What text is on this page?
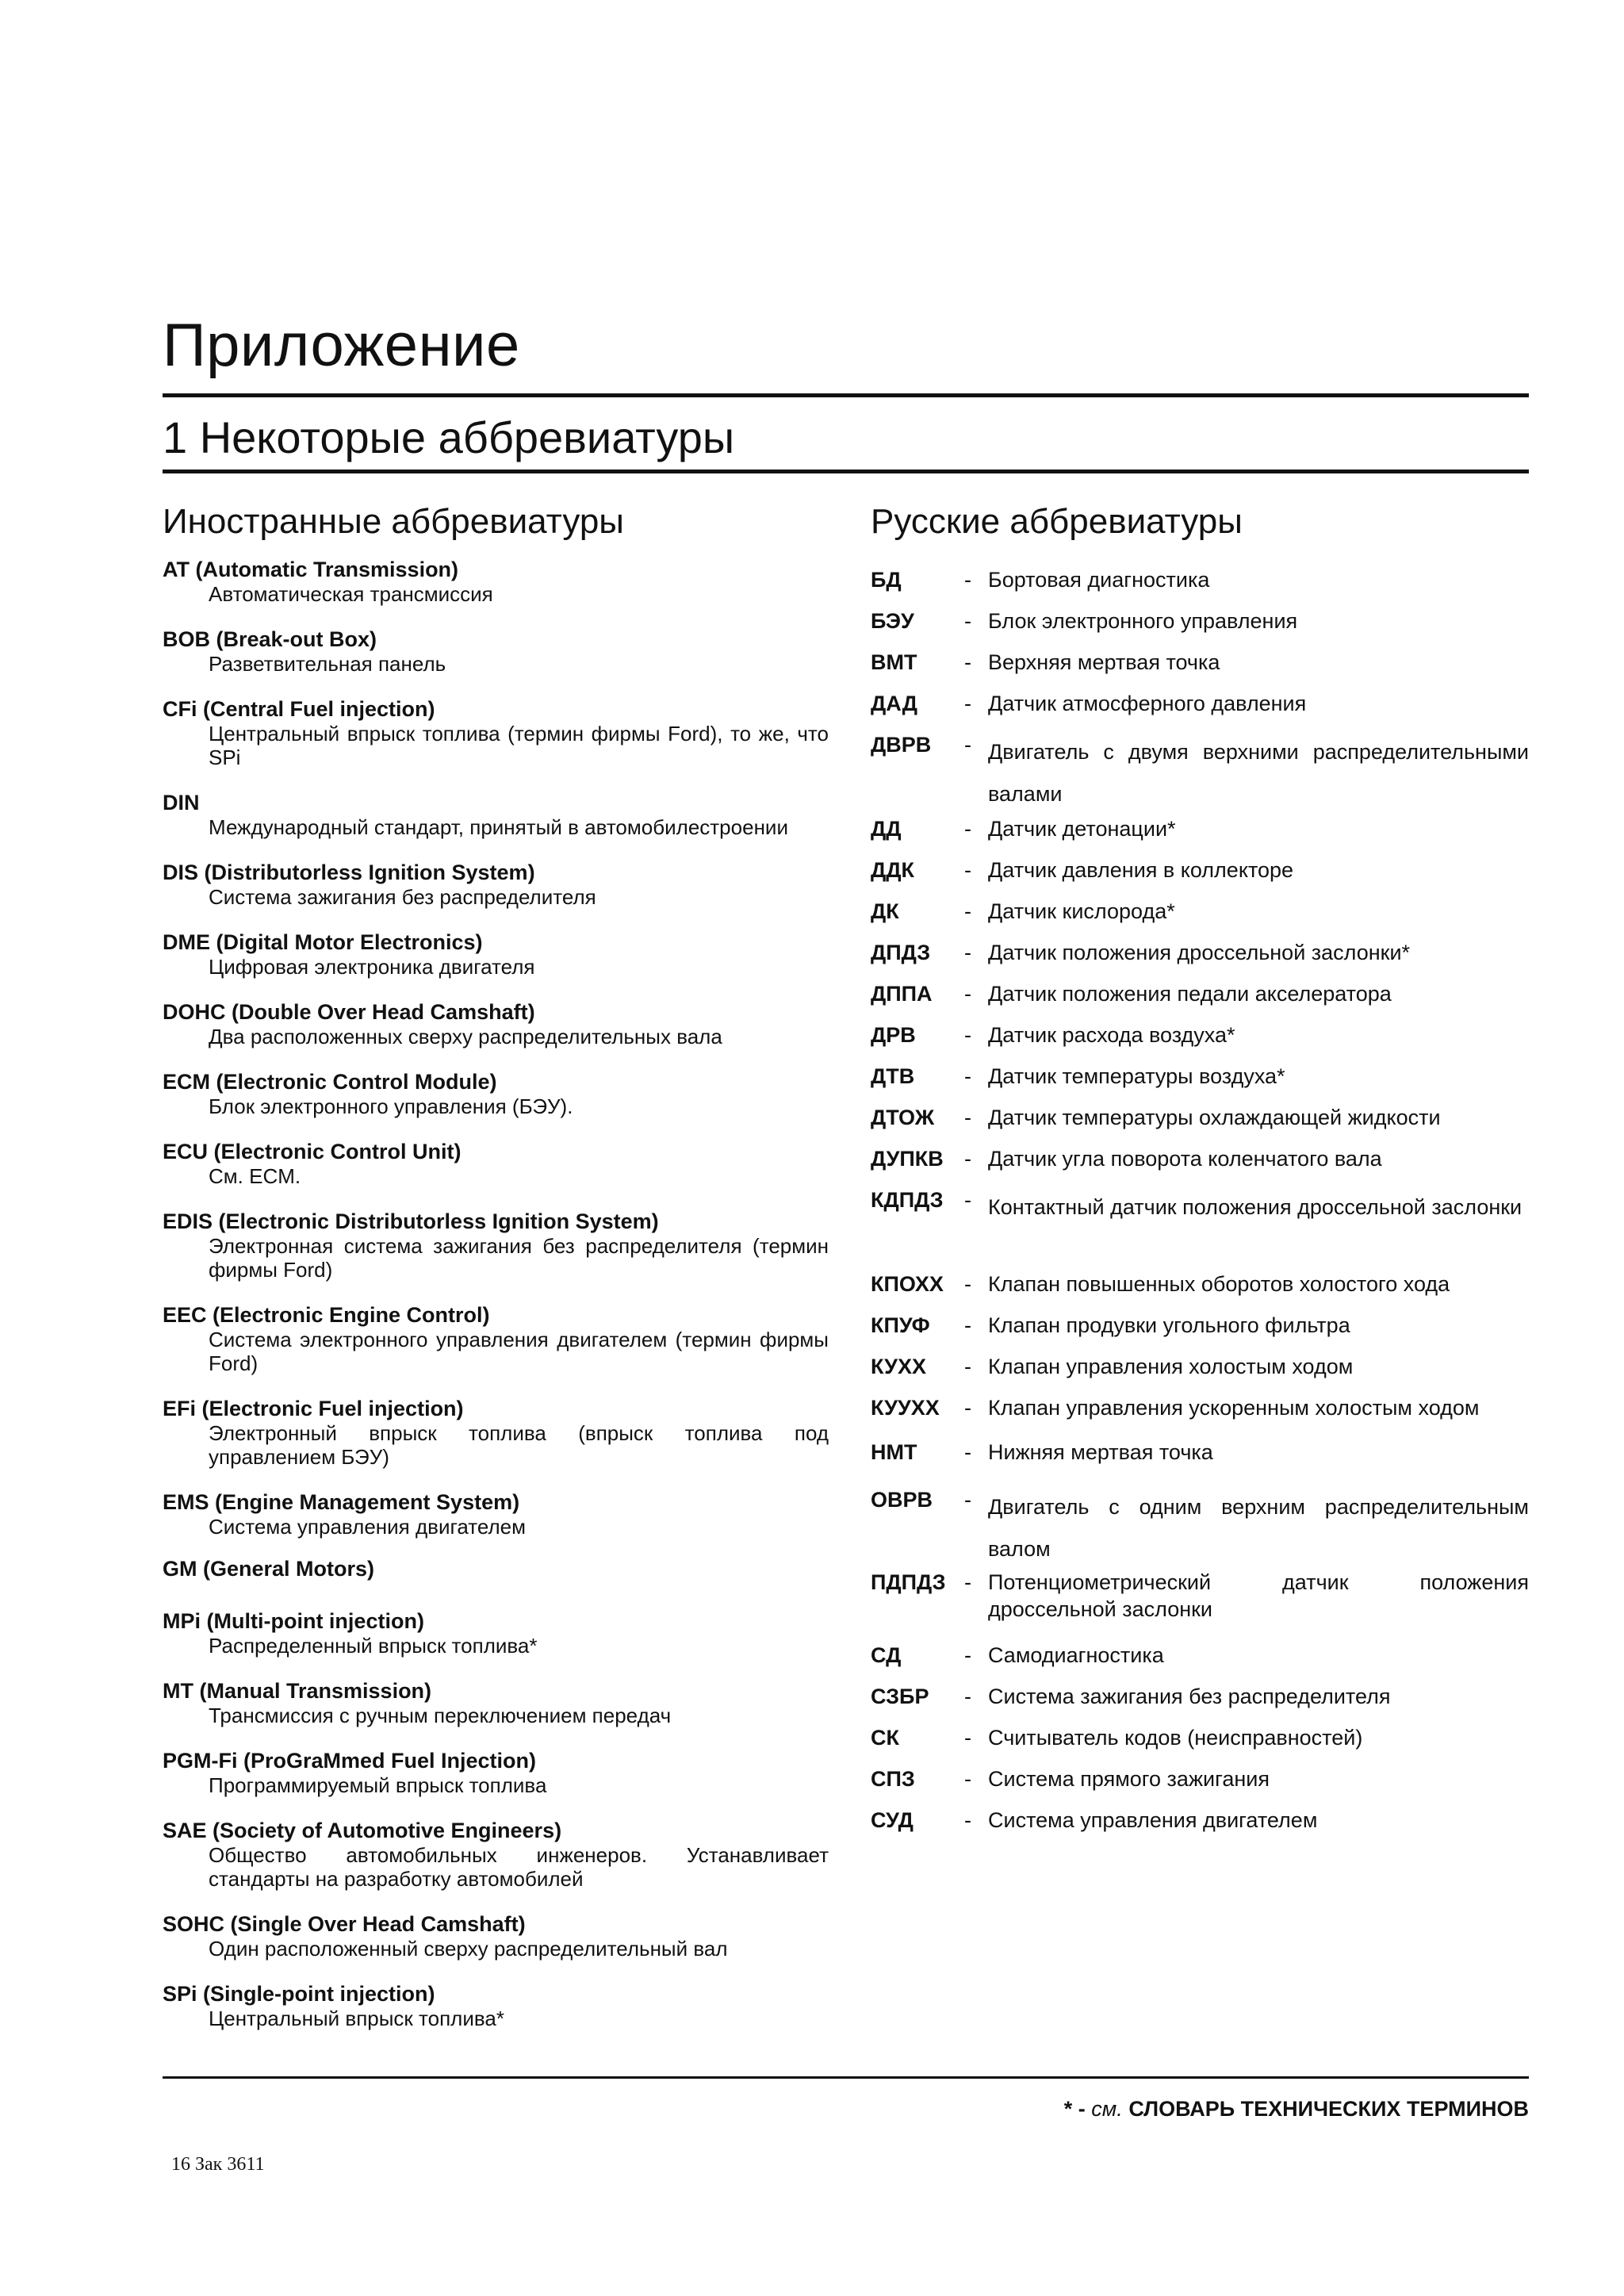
Приложение
1 Некоторые аббревиатуры
Иностранные аббревиатуры	Русские аббревиатуры
AT (Automatic Transmission)
Автоматическая трансмиссия
BOB (Break-out Box)
Разветвительная панель
CFi (Central Fuel injection)
Центральный впрыск топлива (термин фирмы Ford), то же, что SPi
DIN
Международный стандарт, принятый в автомобилестроении
DIS (Distributorless Ignition System)
Система зажигания без распределителя
DME (Digital Motor Electronics)
Цифровая электроника двигателя
DOHC (Double Over Head Camshaft)
Два расположенных сверху распределительных вала
ECM (Electronic Control Module)
Блок электронного управления (БЭУ).
ECU (Electronic Control Unit)
См. ECM.
EDIS (Electronic Distributorless Ignition System)
Электронная система зажигания без распределителя (термин фирмы Ford)
EEC (Electronic Engine Control)
Система электронного управления двигателем (термин фирмы Ford)
EFi (Electronic Fuel injection)
Электронный впрыск топлива (впрыск топлива под управлением БЭУ)
EMS (Engine Management System)
Система управления двигателем
GM (General Motors)
MPi (Multi-point injection)
Распределенный впрыск топлива*
MT (Manual Transmission)
Трансмиссия с ручным переключением передач
PGM-Fi (ProGraMmed Fuel Injection)
Программируемый впрыск топлива
SAE (Society of Automotive Engineers)
Общество автомобильных инженеров. Устанавливает стандарты на разработку автомобилей
SOHC (Single Over Head Camshaft)
Один расположенный сверху распределительный вал
SPi (Single-point injection)
Центральный впрыск топлива*
БД	- Бортовая диагностика
БЭУ - Блок электронного управления
ВМТ - Верхняя мертвая точка
ДАД - Датчик атмосферного давления
ДВРВ - Двигатель с двумя верхними распределительными валами
ДД	- Датчик детонации*
ДДК - Датчик давления в коллекторе
ДК	- Датчик кислорода*
ДПДЗ - Датчик положения дроссельной заслонки*
ДППА - Датчик положения педали акселератора
ДРВ - Датчик расхода воздуха*
ДТВ - Датчик температуры воздуха*
ДТОЖ - Датчик температуры охлаждающей жидкости
ДУПКВ - Датчик угла поворота коленчатого вала
КДПДЗ - Контактный датчик положения дроссельной заслонки
КПОХХ - Клапан повышенных оборотов холостого хода
КПУФ - Клапан продувки угольного фильтра
КУХХ - Клапан управления холостым ходом
КУУХХ - Клапан управления ускоренным холостым ходом
НМТ - Нижняя мертвая точка
ОВРВ - Двигатель с одним верхним распределительным валом
ПДПДЗ - Потенциометрический датчик положения дроссельной заслонки
СД	- Самодиагностика
СЗБР - Система зажигания без распределителя
СК	- Считыватель кодов (неисправностей)
СПЗ - Система прямого зажигания
СУД - Система управления двигателем
* - см. СЛОВАРЬ ТЕХНИЧЕСКИХ ТЕРМИНОВ
16 Зак 3611
